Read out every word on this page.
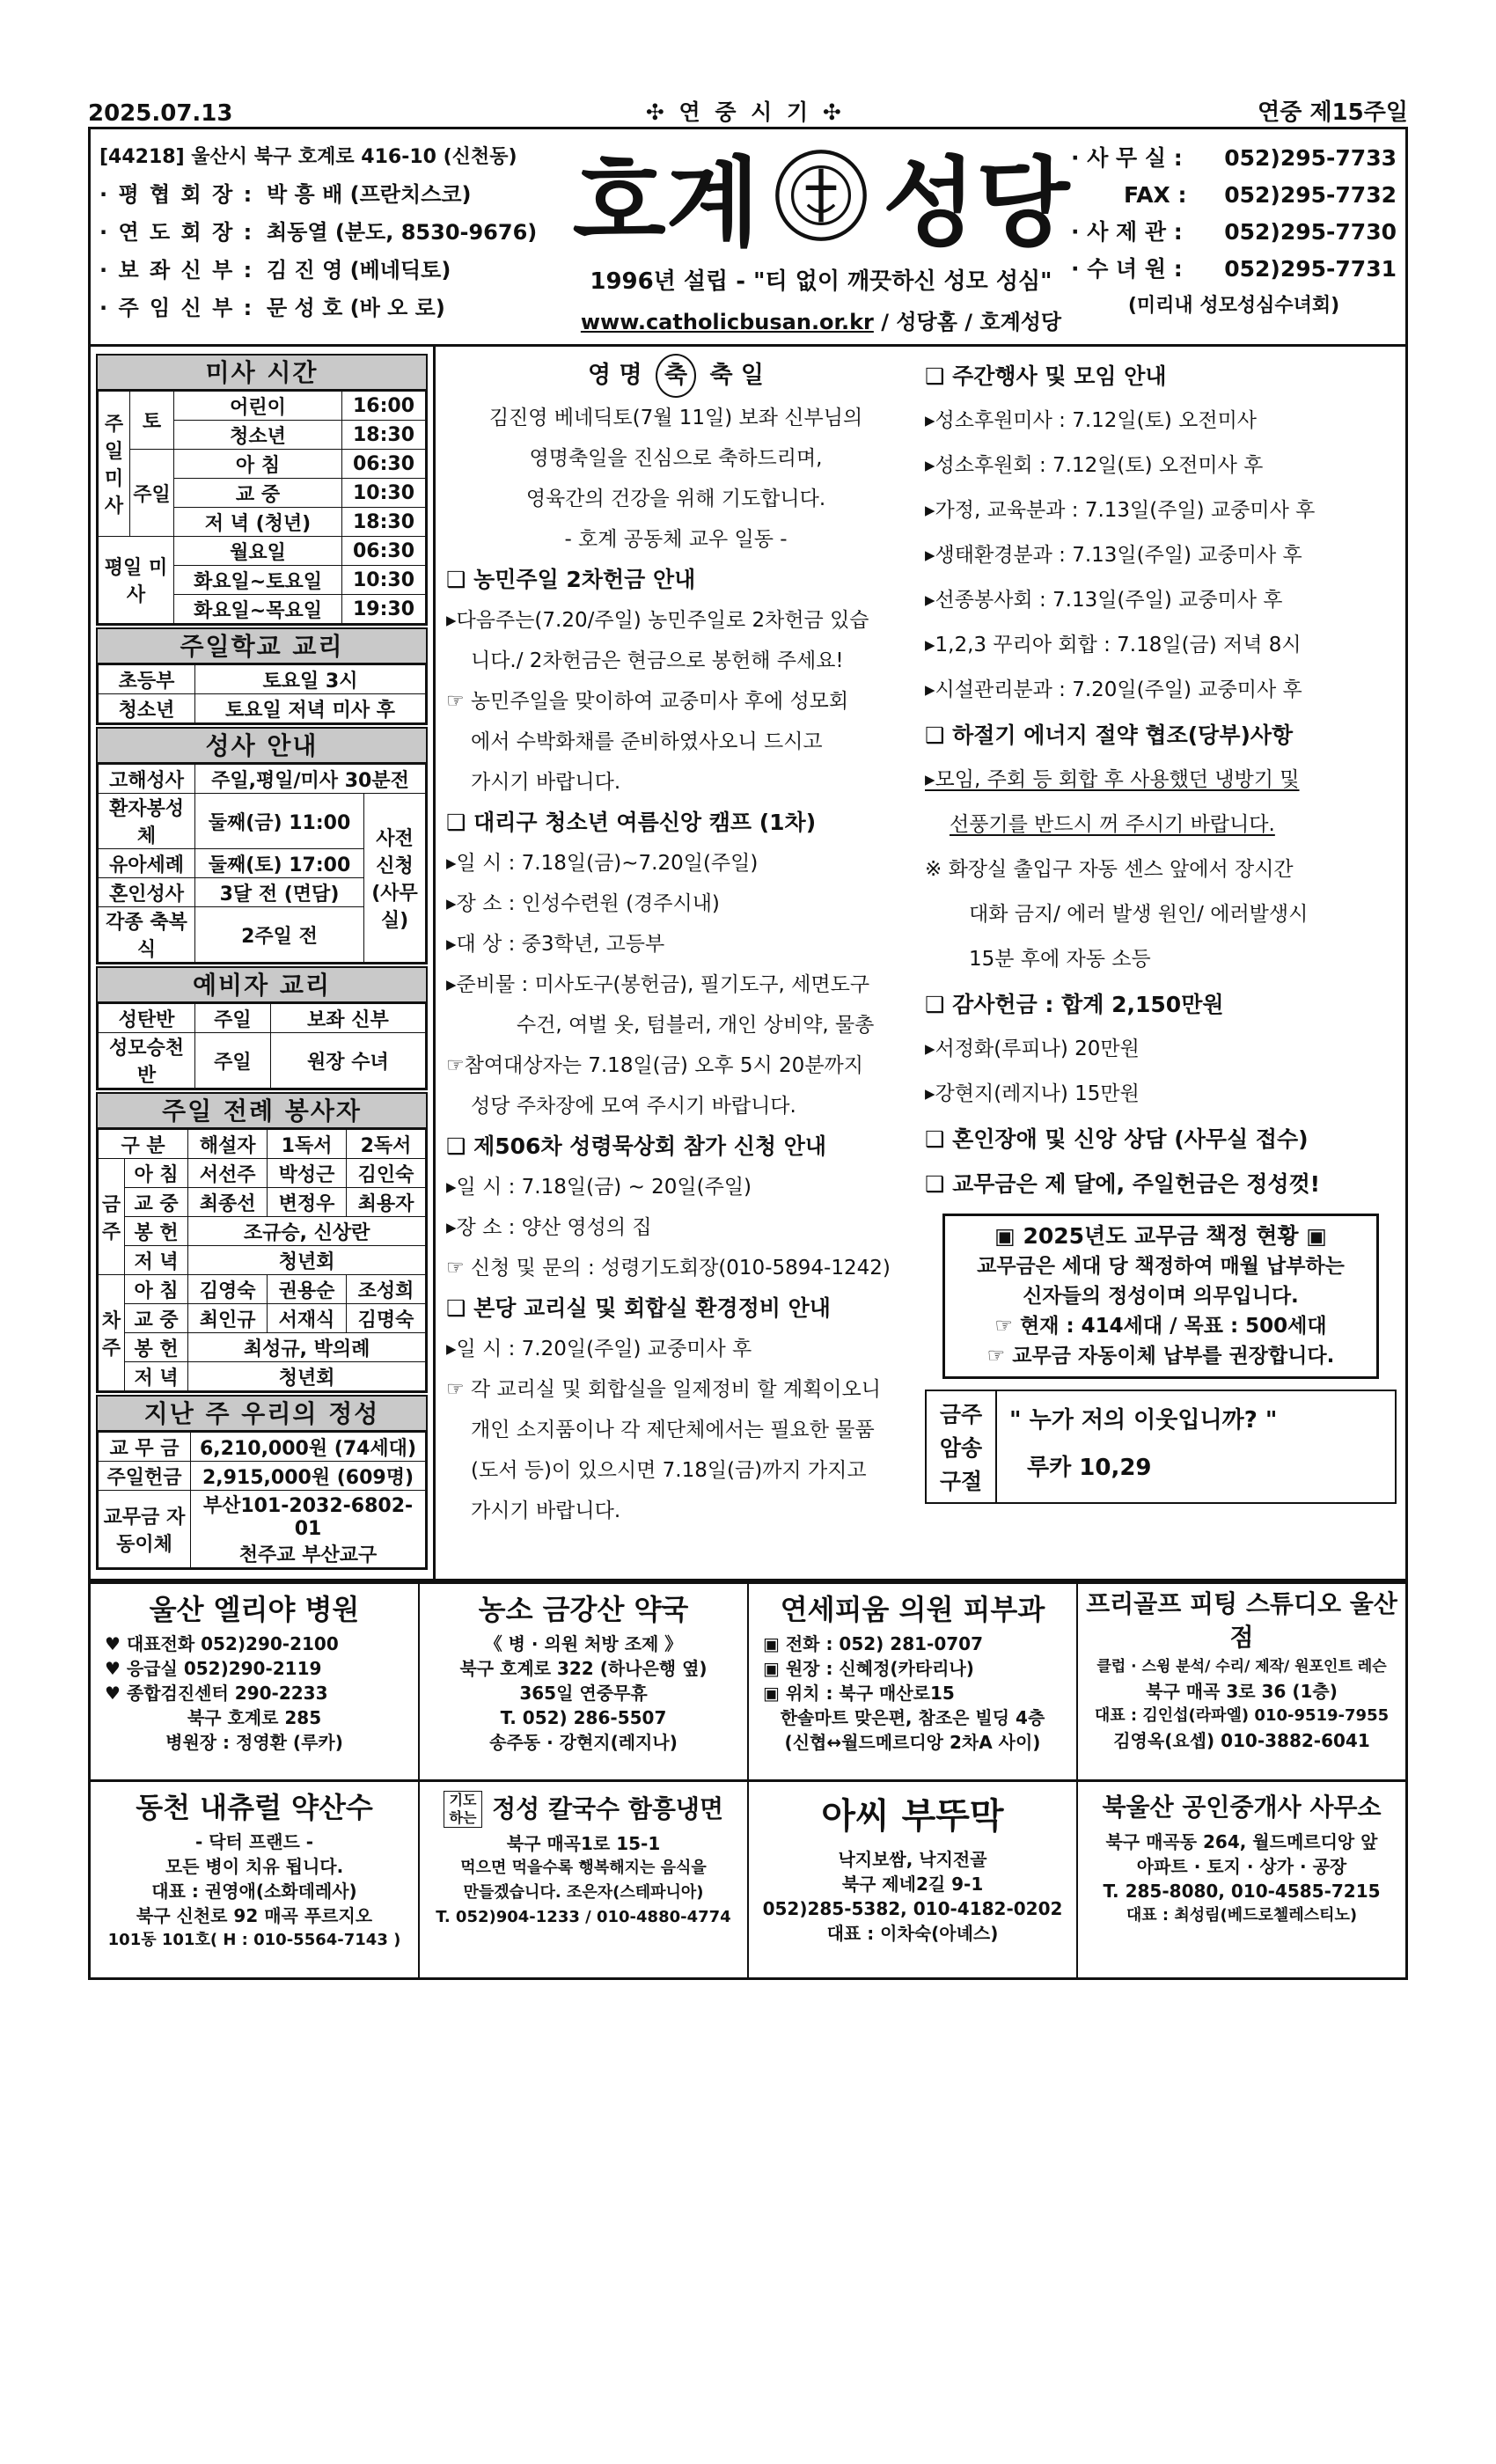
2025.07.13	✣ 연 중 시 기 ✣	연중 제15주일
[44218] 울산시 북구 호계로 416-10 (신천동)
· 평 협 회 장 : 박 흥 배 (프란치스코)
· 연 도 회 장 : 최동열 (분도, 8530-9676)
· 보 좌 신 부 : 김 진 영 (베네딕토)
· 주 임 신 부 : 문 성 호 (바 오 로)
호계 성당
1996년 설립 - "티 없이 깨끗하신 성모 성심"
www.catholicbusan.or.kr / 성당홈 / 호계성당
· 사 무 실 : 052)295-7733
FAX : 052)295-7732
· 사 제 관 : 052)295-7730
· 수 녀 원 : 052)295-7731
(미리내 성모성심수녀회)
미사 시간
주일 미사	토	어린이	16:00
		청소년	18:30
	주일	아 침	06:30
		교 중	10:30
		저 녁 (청년)	18:30
평일 미사		월요일	06:30
		화요일~토요일	10:30
		화요일~목요일	19:30
주일학교 교리
초등부	토요일 3시
청소년	토요일 저녁 미사 후
성사 안내
고해성사	주일,평일/미사 30분전	
환자봉성체	둘째(금) 11:00	사전 신청 (사무실)
유아세례	둘째(토) 17:00	
혼인성사	3달 전 (면담)	
각종 축복식	2주일 전	
예비자 교리
성탄반	주일	보좌 신부
성모승천반	주일	원장 수녀
주일 전례 봉사자
구 분		해설자	1독서	2독서
금 주	아 침	서선주	박성근	김인숙
	교 중	최종선	변정우	최용자
	봉 헌	조규승, 신상란		
	저 녁	청년회		
차 주	아 침	김영숙	권용순	조성희
	교 중	최인규	서재식	김명숙
	봉 헌	최성규, 박의례		
	저 녁	청년회		
지난 주 우리의 정성
교 무 금	6,210,000원 (74세대)
주일헌금	2,915,000원 (609명)
교무금 자동이체	부산101-2032-6802-01
천주교 부산교구
영 명 축 축 일
김진영 베네딕토(7월 11일) 보좌 신부님의
영명축일을 진심으로 축하드리며,
영육간의 건강을 위해 기도합니다.
- 호계 공동체 교우 일동 -
❑ 농민주일 2차헌금 안내
▸다음주는(7.20/주일) 농민주일로 2차헌금 있습
니다./ 2차헌금은 현금으로 봉헌해 주세요!
☞ 농민주일을 맞이하여 교중미사 후에 성모회
에서 수박화채를 준비하였사오니 드시고
가시기 바랍니다.
❑ 대리구 청소년 여름신앙 캠프 (1차)
▸일 시 : 7.18일(금)~7.20일(주일)
▸장 소 : 인성수련원 (경주시내)
▸대 상 : 중3학년, 고등부
▸준비물 : 미사도구(봉헌금), 필기도구, 세면도구
수건, 여벌 옷, 텀블러, 개인 상비약, 물총
☞참여대상자는 7.18일(금) 오후 5시 20분까지
성당 주차장에 모여 주시기 바랍니다.
❑ 제506차 성령묵상회 참가 신청 안내
▸일 시 : 7.18일(금) ~ 20일(주일)
▸장 소 : 양산 영성의 집
☞ 신청 및 문의 : 성령기도회장(010-5894-1242)
❑ 본당 교리실 및 회합실 환경정비 안내
▸일 시 : 7.20일(주일) 교중미사 후
☞ 각 교리실 및 회합실을 일제정비 할 계획이오니
개인 소지품이나 각 제단체에서는 필요한 물품
(도서 등)이 있으시면 7.18일(금)까지 가지고
가시기 바랍니다.
❑ 주간행사 및 모임 안내
▸성소후원미사 : 7.12일(토) 오전미사
▸성소후원회 : 7.12일(토) 오전미사 후
▸가정, 교육분과 : 7.13일(주일) 교중미사 후
▸생태환경분과 : 7.13일(주일) 교중미사 후
▸선종봉사회 : 7.13일(주일) 교중미사 후
▸1,2,3 꾸리아 회합 : 7.18일(금) 저녁 8시
▸시설관리분과 : 7.20일(주일) 교중미사 후
❑ 하절기 에너지 절약 협조(당부)사항
▸모임, 주회 등 회합 후 사용했던 냉방기 및
선풍기를 반드시 꺼 주시기 바랍니다.
※ 화장실 출입구 자동 센스 앞에서 장시간
대화 금지/ 에러 발생 원인/ 에러발생시
15분 후에 자동 소등
❑ 감사헌금 : 합계 2,150만원
▸서정화(루피나) 20만원
▸강현지(레지나) 15만원
❑ 혼인장애 및 신앙 상담 (사무실 접수)
❑ 교무금은 제 달에, 주일헌금은 정성껏!
▣ 2025년도 교무금 책정 현황 ▣
교무금은 세대 당 책정하여 매월 납부하는
신자들의 정성이며 의무입니다.
☞ 현재 : 414세대 / 목표 : 500세대
☞ 교무금 자동이체 납부를 권장합니다.
금주 암송 구절
" 누가 저의 이웃입니까? "
루카 10,29
울산 엘리야 병원
♥ 대표전화 052)290-2100
♥ 응급실 052)290-2119
♥ 종합검진센터 290-2233
북구 호계로 285
병원장 : 정영환 (루카)
농소 금강산 약국
《 병 · 의원 처방 조제 》
북구 호계로 322 (하나은행 옆)
365일 연중무휴
T. 052) 286-5507
송주동 · 강현지(레지나)
연세피움 의원 피부과
▣ 전화 : 052) 281-0707
▣ 원장 : 신혜정(카타리나)
▣ 위치 : 북구 매산로15
한솔마트 맞은편, 참조은 빌딩 4층
(신협↔월드메르디앙 2차A 사이)
프리골프 피팅 스튜디오 울산점
클럽 · 스윙 분석/ 수리/ 제작/ 원포인트 레슨
북구 매곡 3로 36 (1층)
대표 : 김인섭(라파엘) 010-9519-7955
김영옥(요셉) 010-3882-6041
동천 내츄럴 약산수
- 닥터 프랜드 -
모든 병이 치유 됩니다.
대표 : 권영애(소화데레사)
북구 신천로 92 매곡 푸르지오
101동 101호( H : 010-5564-7143 )
기도 하는 정성 칼국수 함흥냉면
북구 매곡1로 15-1
먹으면 먹을수록 행복해지는 음식을
만들겠습니다. 조은자(스테파니아)
T. 052)904-1233 / 010-4880-4774
아씨 부뚜막
낙지보쌈, 낙지전골
북구 제네2길 9-1
052)285-5382, 010-4182-0202
대표 : 이차숙(아녜스)
북울산 공인중개사 사무소
북구 매곡동 264, 월드메르디앙 앞
아파트 · 토지 · 상가 · 공장
T. 285-8080, 010-4585-7215
대표 : 최성림(베드로첼레스티노)
